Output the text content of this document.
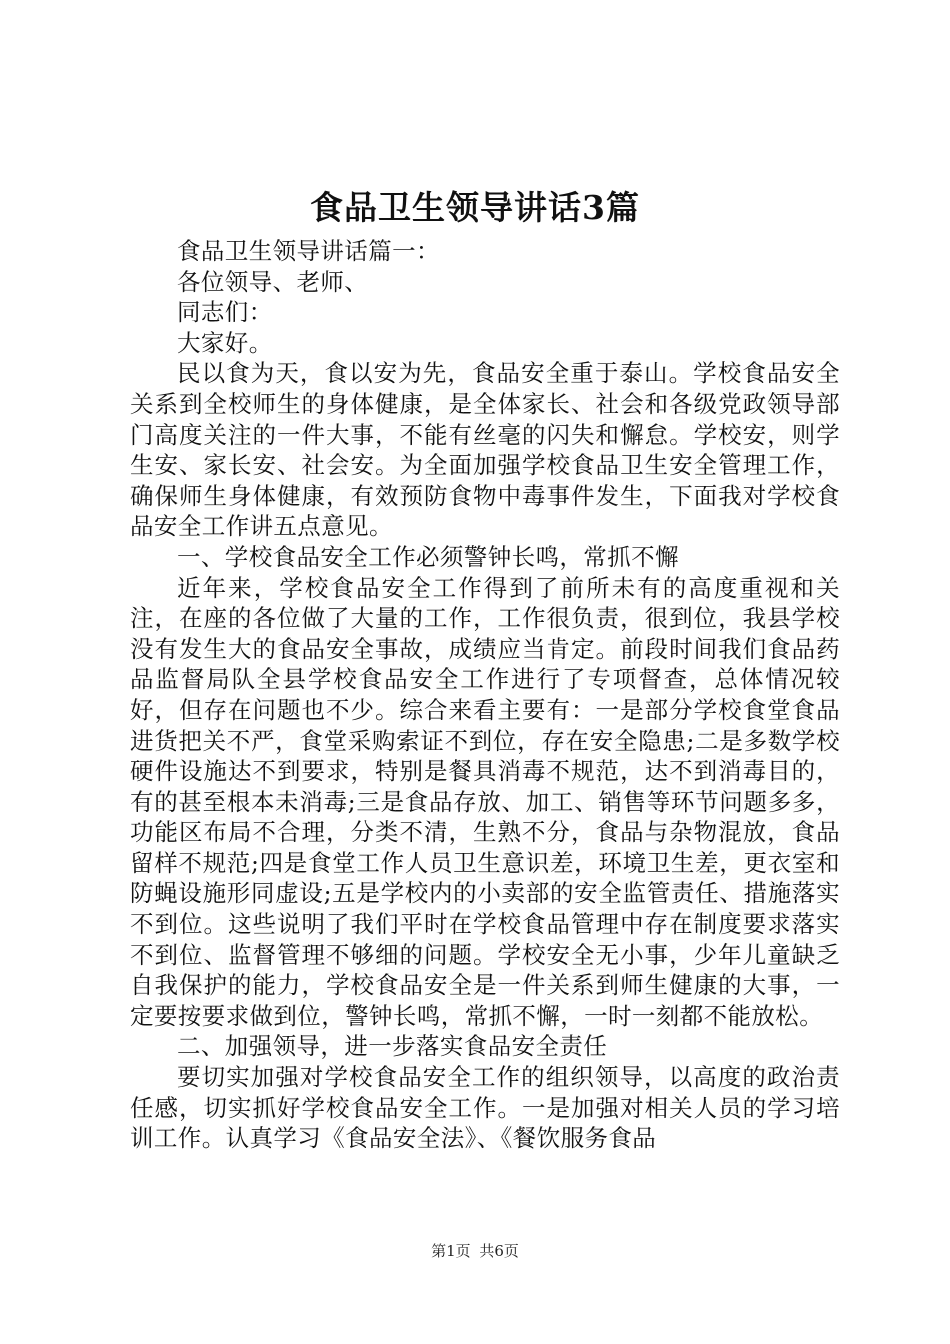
食品卫生领导讲话3篇

食品卫生领导讲话篇一：

各位领导、老师、

同志们：

大家好。

民以食为天，食以安为先，食品安全重于泰山。学校食品安全关系到全校师生的身体健康，是全体家长、社会和各级党政领导部门高度关注的一件大事，不能有丝毫的闪失和懈怠。学校安，则学生安、家长安、社会安。为全面加强学校食品卫生安全管理工作，确保师生身体健康，有效预防食物中毒事件发生，下面我对学校食品安全工作讲五点意见。

一、学校食品安全工作必须警钟长鸣，常抓不懈

近年来，学校食品安全工作得到了前所未有的高度重视和关注，在座的各位做了大量的工作，工作很负责，很到位，我县学校没有发生大的食品安全事故，成绩应当肯定。前段时间我们食品药品监督局队全县学校食品安全工作进行了专项督查，总体情况较好，但存在问题也不少。综合来看主要有：一是部分学校食堂食品进货把关不严，食堂采购索证不到位，存在安全隐患;二是多数学校硬件设施达不到要求，特别是餐具消毒不规范，达不到消毒目的，有的甚至根本未消毒;三是食品存放、加工、销售等环节问题多多，功能区布局不合理，分类不清，生熟不分，食品与杂物混放，食品留样不规范;四是食堂工作人员卫生意识差，环境卫生差，更衣室和防蝇设施形同虚设;五是学校内的小卖部的安全监管责任、措施落实不到位。这些说明了我们平时在学校食品管理中存在制度要求落实不到位、监督管理不够细的问题。学校安全无小事，少年儿童缺乏自我保护的能力，学校食品安全是一件关系到师生健康的大事，一定要按要求做到位，警钟长鸣，常抓不懈，一时一刻都不能放松。

二、加强领导，进一步落实食品安全责任

要切实加强对学校食品安全工作的组织领导，以高度的政治责任感，切实抓好学校食品安全工作。一是加强对相关人员的学习培训工作。认真学习《食品安全法》、《餐饮服务食品

第1页 共6页
